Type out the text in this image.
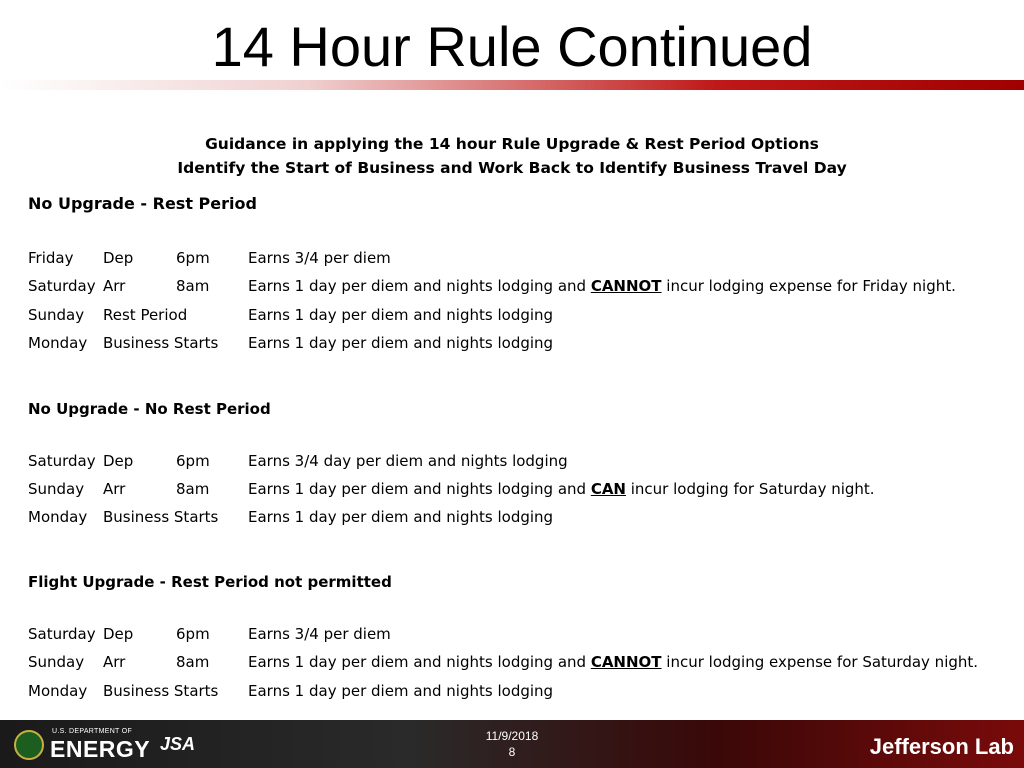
14 Hour Rule Continued
Guidance in applying the 14 hour Rule Upgrade & Rest Period Options
Identify the Start of Business and Work Back to Identify Business Travel Day
No Upgrade - Rest Period
Friday Dep	6pm	Earns 3/4 per diem
Saturday Arr	8am	Earns 1 day per diem and nights lodging and CANNOT incur lodging expense for Friday night.
Sunday Rest Period	Earns 1 day per diem and nights lodging
Monday Business Starts Earns 1 day per diem and nights lodging
No Upgrade - No Rest Period
Saturday Dep	6pm	Earns 3/4 day per diem and nights lodging
Sunday Arr	8am	Earns 1 day per diem and nights lodging and CAN incur lodging for Saturday night.
Monday Business Starts Earns 1 day per diem and nights lodging
Flight Upgrade - Rest Period not permitted
Saturday Dep	6pm	Earns 3/4 per diem
Sunday Arr	8am	Earns 1 day per diem and nights lodging and CANNOT incur lodging expense for Saturday night.
Monday Business Starts Earns 1 day per diem and nights lodging
U.S. DEPARTMENT OF
ENERGY JSA	11/9/2018
8	Jefferson Lab
